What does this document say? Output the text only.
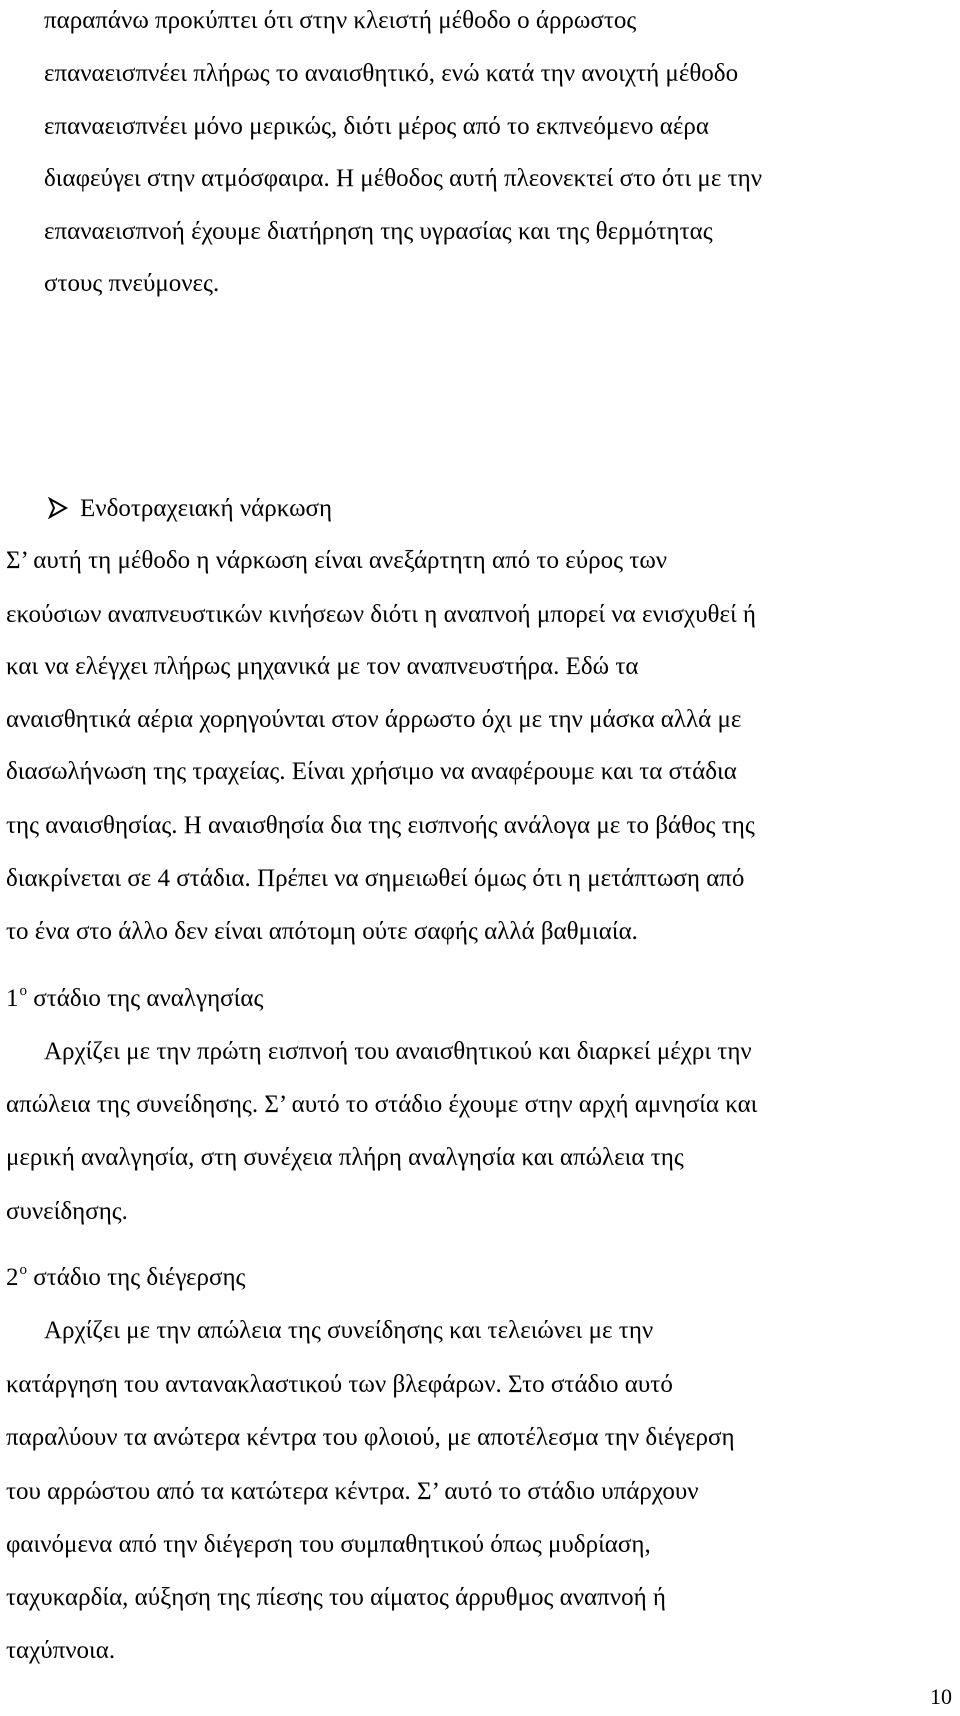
παραπάνω προκύπτει ότι στην κλειστή μέθοδο ο άρρωστος
επαναεισπνέει πλήρως το αναισθητικό, ενώ κατά την ανοιχτή μέθοδο
επαναεισπνέει μόνο μερικώς, διότι μέρος από το εκπνεόμενο αέρα
διαφεύγει στην ατμόσφαιρα. Η μέθοδος αυτή πλεονεκτεί στο ότι με την
επαναεισπνοή έχουμε διατήρηση της υγρασίας και της θερμότητας
στους πνεύμονες.
Ενδοτραχειακή νάρκωση
Σ’ αυτή τη μέθοδο η νάρκωση είναι ανεξάρτητη από το εύρος των
εκούσιων αναπνευστικών κινήσεων διότι η αναπνοή μπορεί να ενισχυθεί ή
και να ελέγχει πλήρως μηχανικά με τον αναπνευστήρα. Εδώ τα
αναισθητικά αέρια χορηγούνται στον άρρωστο όχι με την μάσκα αλλά με
διασωλήνωση της τραχείας. Είναι χρήσιμο να αναφέρουμε και τα στάδια
της αναισθησίας. Η αναισθησία δια της εισπνοής ανάλογα με το βάθος της
διακρίνεται σε 4 στάδια. Πρέπει να σημειωθεί όμως ότι η μετάπτωση από
το ένα στο άλλο δεν είναι απότομη ούτε σαφής αλλά βαθμιαία.
$1^o$ στάδιο της αναλγησίας
Αρχίζει με την πρώτη εισπνοή του αναισθητικού και διαρκεί μέχρι την
απώλεια της συνείδησης. Σ’ αυτό το στάδιο έχουμε στην αρχή αμνησία και
μερική αναλγησία, στη συνέχεια πλήρη αναλγησία και απώλεια της
συνείδησης.
$2^o$ στάδιο της διέγερσης
Αρχίζει με την απώλεια της συνείδησης και τελειώνει με την
κατάργηση του αντανακλαστικού των βλεφάρων. Στο στάδιο αυτό
παραλύουν τα ανώτερα κέντρα του φλοιού, με αποτέλεσμα την διέγερση
του αρρώστου από τα κατώτερα κέντρα. Σ’ αυτό το στάδιο υπάρχουν
φαινόμενα από την διέγερση του συμπαθητικού όπως μυδρίαση,
ταχυκαρδία, αύξηση της πίεσης του αίματος άρρυθμος αναπνοή ή
ταχύπνοια.
10
